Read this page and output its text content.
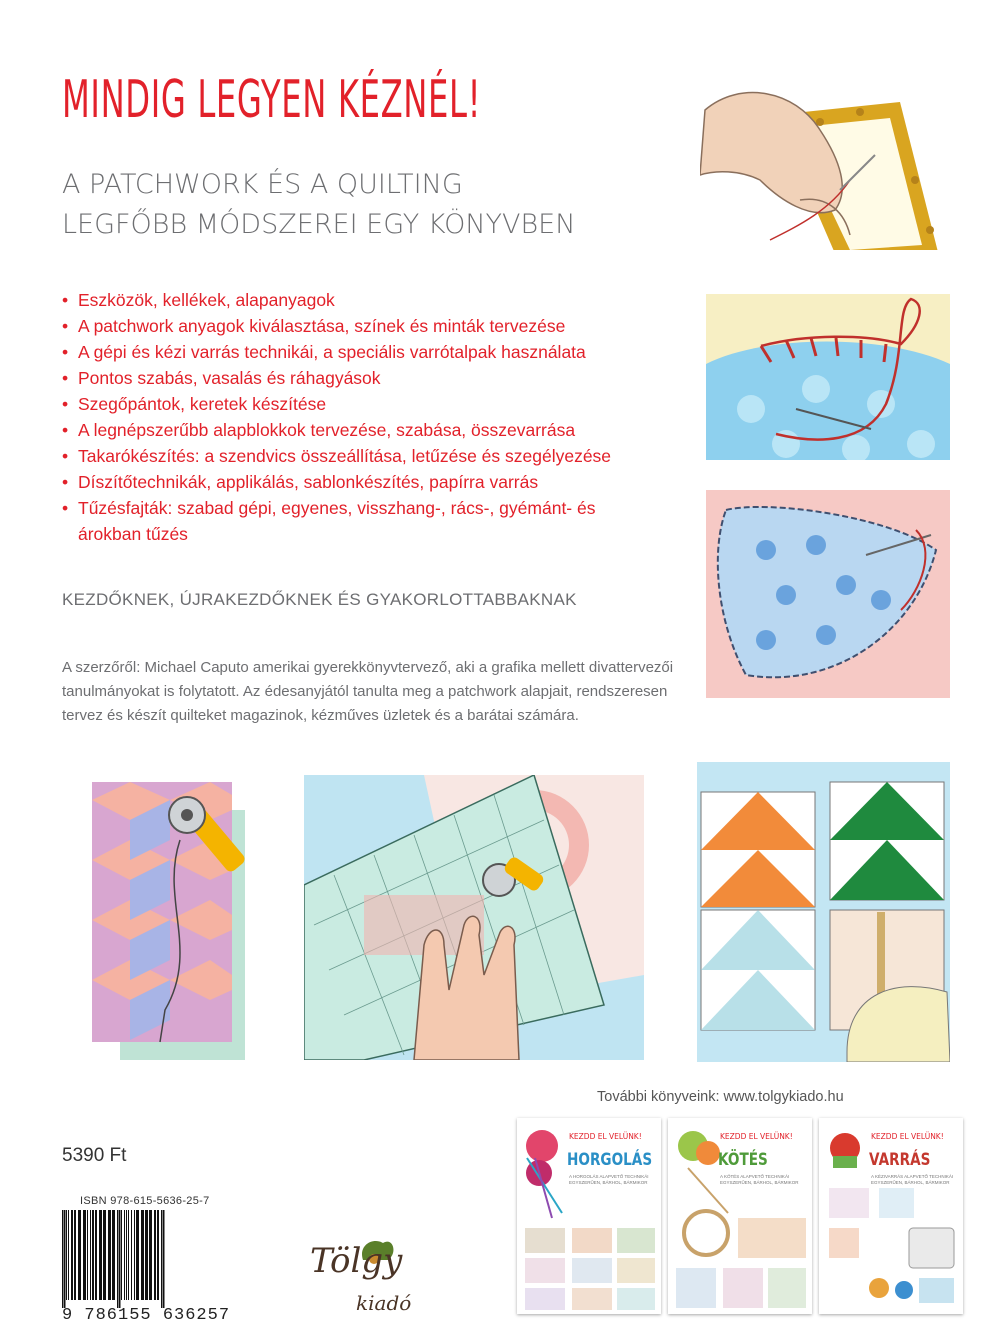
MINDIG LEGYEN KÉZNÉL!
A PATCHWORK ÉS A QUILTING
LEGFŐBB MÓDSZEREI EGY KÖNYVBEN
• Eszközök, kellékek, alapanyagok
• A patchwork anyagok kiválasztása, színek és minták tervezése
• A gépi és kézi varrás technikái, a speciális varrótalpak használata
• Pontos szabás, vasalás és ráhagyások
• Szegőpántok, keretek készítése
• A legnépszerűbb alapblokkok tervezése, szabása, összevarrása
• Takarókészítés: a szendvics összeállítása, letűzése és szegélyezése
• Díszítőtechnikák, applikálás, sablonkészítés, papírra varrás
• Tűzésfajták: szabad gépi, egyenes, visszhang-, rács-, gyémánt- és árokban tűzés
KEZDŐKNEK, ÚJRAKEZDŐKNEK ÉS GYAKORLOTTABBAKNAK
A szerzőről: Michael Caputo amerikai gyerekkönyvtervező, aki a grafika mellett divattervezői tanulmányokat is folytatott. Az édesanyjától tanulta meg a patchwork alapjait, rendszeresen tervez és készít quilteket magazinok, kézműves üzletek és a barátai számára.
5390 Ft
ISBN 978-615-5636-25-7
9 786155 636257
Tölgy
kiadó
További könyveink: www.tolgykiado.hu
KEZDD EL VELÜNK!
HORGOLÁS
A HORGOLÁS ALAPVETŐ TECHNIKÁI EGYSZERŰEN, BÁRHOL, BÁRMIKOR
KEZDD EL VELÜNK!
KÖTÉS
A KÖTÉS ALAPVETŐ TECHNIKÁI EGYSZERŰEN, BÁRHOL, BÁRMIKOR
KEZDD EL VELÜNK!
VARRÁS
A KÉZIVARRÁS ALAPVETŐ TECHNIKÁI EGYSZERŰEN, BÁRHOL, BÁRMIKOR
